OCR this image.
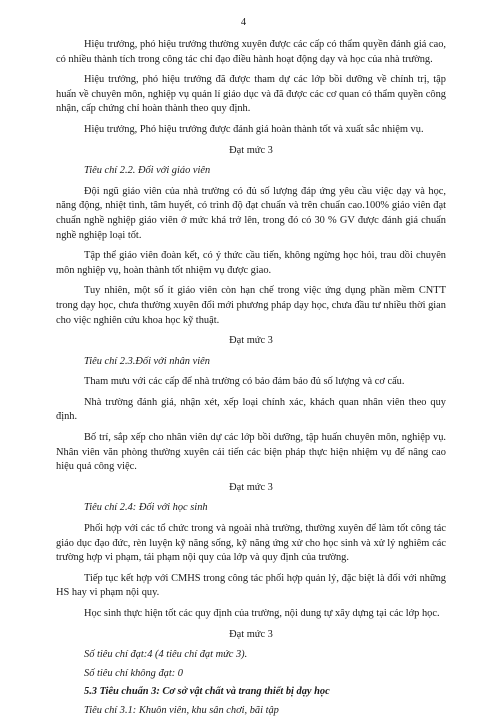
4

Hiệu trưởng, phó hiệu trưởng thường xuyên được các cấp có thẩm quyền đánh giá cao, có nhiều thành tích trong công tác chỉ đạo điều hành hoạt động dạy và học của nhà trường.

Hiệu trưởng, phó hiệu trưởng đã được tham dự các lớp bồi dưỡng về chính trị, tập huấn về chuyên môn, nghiệp vụ quản lí giáo dục và đã được các cơ quan có thẩm quyền công nhận, cấp chứng chỉ hoàn thành theo quy định.

Hiệu trưởng, Phó hiệu trưởng được đánh giá hoàn thành tốt và xuất sắc nhiệm vụ.

Đạt mức 3

Tiêu chí 2.2. Đối với giáo viên

Đội ngũ giáo viên của nhà trường có đủ số lượng đáp ứng yêu cầu việc dạy và học, năng động, nhiệt tình, tâm huyết, có trình độ đạt chuẩn và trên chuẩn cao.100% giáo viên đạt chuẩn nghề nghiệp giáo viên ở mức khá trở lên, trong đó có 30 % GV được đánh giá chuẩn nghề nghiệp loại tốt.

Tập thể giáo viên đoàn kết, có ý thức cầu tiến, không ngừng học hỏi, trau dồi chuyên môn nghiệp vụ, hoàn thành tốt nhiệm vụ được giao.

Tuy nhiên, một số ít giáo viên còn hạn chế trong việc ứng dụng phần mềm CNTT trong dạy học, chưa thường xuyên đổi mới phương pháp dạy học, chưa đầu tư nhiều thời gian cho việc nghiên cứu khoa học kỹ thuật.

Đạt mức 3

Tiêu chí 2.3.Đối với nhân viên

Tham mưu với các cấp để nhà trường có bảo đảm bảo đủ số lượng và cơ cấu.

Nhà trường đánh giá, nhận xét, xếp loại chính xác, khách quan nhân viên theo quy định.

Bố trí, sắp xếp cho nhân viên dự các lớp bồi dưỡng, tập huấn chuyên môn, nghiệp vụ. Nhân viên văn phòng thường xuyên cải tiến các biện pháp thực hiện nhiệm vụ để nâng cao hiệu quả công việc.

Đạt mức 3

Tiêu chí 2.4: Đối với học sinh

Phối hợp với các tổ chức trong và ngoài nhà trường, thường xuyên để làm tốt công tác giáo dục đạo đức, rèn luyện kỹ năng sống, kỹ năng ứng xử cho học sinh và xử lý nghiêm các trường hợp vi phạm, tái phạm nội quy của lớp và quy định của trường.

Tiếp tục kết hợp với CMHS trong công tác phối hợp quản lý, đặc biệt là đối với những HS hay vi phạm nội quy.

Học sinh thực hiện tốt các quy định của trường, nội dung tự xây dựng tại các lớp học.

Đạt mức 3

Số tiêu chí đạt:4 (4 tiêu chí đạt mức 3).

Số tiêu chí không đạt: 0

5.3 Tiêu chuẩn 3: Cơ sở vật chất và trang thiết bị dạy học

Tiêu chí 3.1: Khuôn viên, khu sân chơi, bãi tập
